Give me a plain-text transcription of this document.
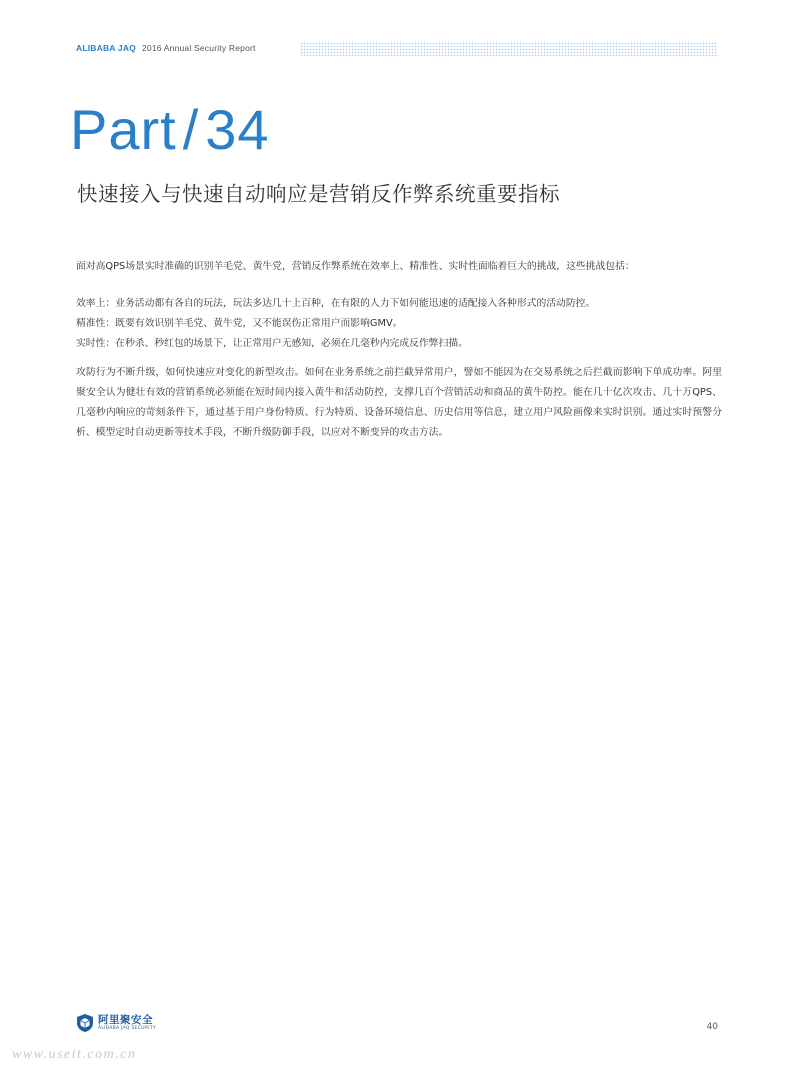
ALIBABA JAQ 2016 Annual Security Report
Part / 34
快速接入与快速自动响应是营销反作弊系统重要指标
面对高QPS场景实时准确的识别羊毛党、黄牛党，营销反作弊系统在效率上、精准性、实时性面临着巨大的挑战，这些挑战包括：
效率上：业务活动都有各自的玩法，玩法多达几十上百种，在有限的人力下如何能迅速的适配接入各种形式的活动防控。
精准性：既要有效识别羊毛党、黄牛党，又不能误伤正常用户而影响GMV。
实时性：在秒杀、秒红包的场景下，让正常用户无感知，必须在几毫秒内完成反作弊扫描。
攻防行为不断升级，如何快速应对变化的新型攻击。如何在业务系统之前拦截异常用户，譬如不能因为在交易系统之后拦截而影响下单成功率。阿里聚安全认为健壮有效的营销系统必须能在短时间内接入黄牛和活动防控，支撑几百个营销活动和商品的黄牛防控。能在几十亿次攻击、几十万QPS、几毫秒内响应的苛刻条件下，通过基于用户身份特质、行为特质、设备环境信息、历史信用等信息，建立用户风险画像来实时识别。通过实时预警分析、模型定时自动更新等技术手段，不断升级防御手段，以应对不断变异的攻击方法。
阿里聚安全
ALIBABA JAQ SECURITY	40
www.useit.com.cn
